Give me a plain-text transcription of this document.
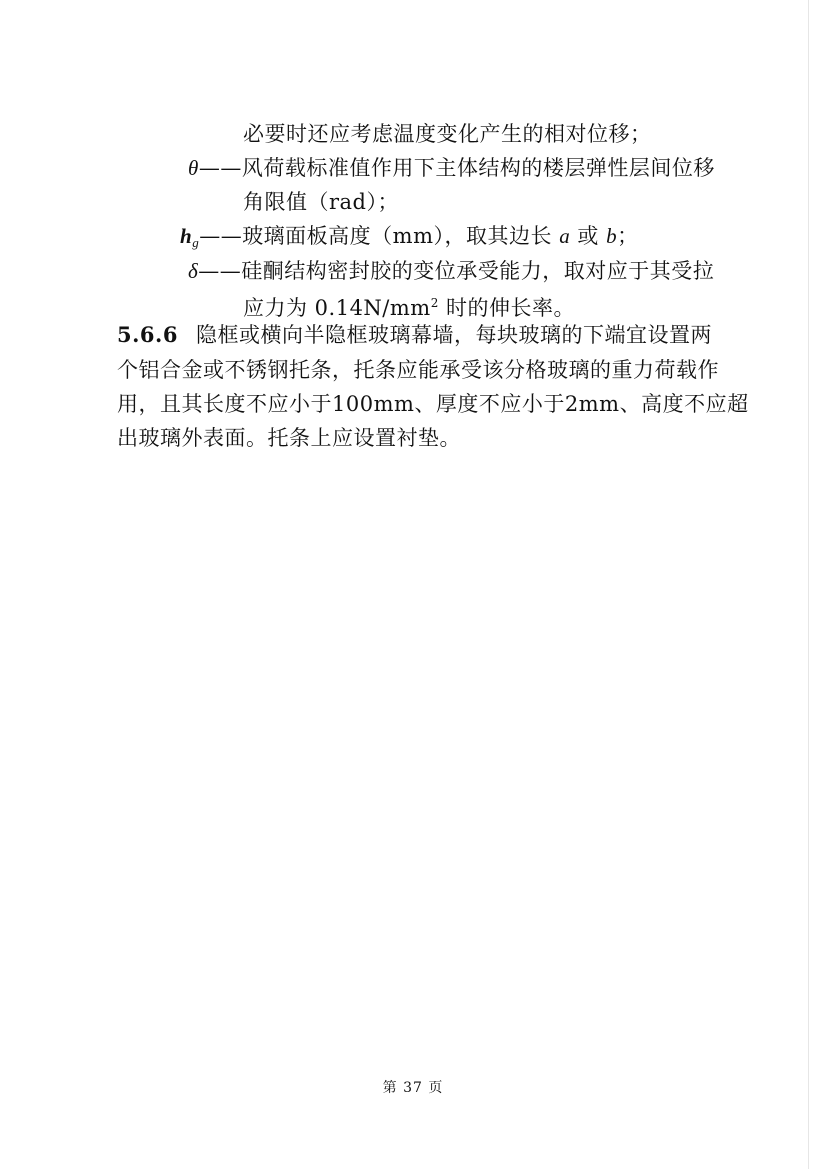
必要时还应考虑温度变化产生的相对位移；
θ——风荷载标准值作用下主体结构的楼层弹性层间位移
角限值（rad）；
$h_g——$玻璃面板高度（mm），取其边长 a 或 b；
δ——硅酮结构密封胶的变位承受能力，取对应于其受拉
应力为 $0.14N/mm^2$ 时的伸长率。
5.6.6 隐框或横向半隐框玻璃幕墙，每块玻璃的下端宜设置两
个铝合金或不锈钢托条，托条应能承受该分格玻璃的重力荷载作
用，且其长度不应小于100mm、厚度不应小于2mm、高度不应超
出玻璃外表面。托条上应设置衬垫。
第 37 页
